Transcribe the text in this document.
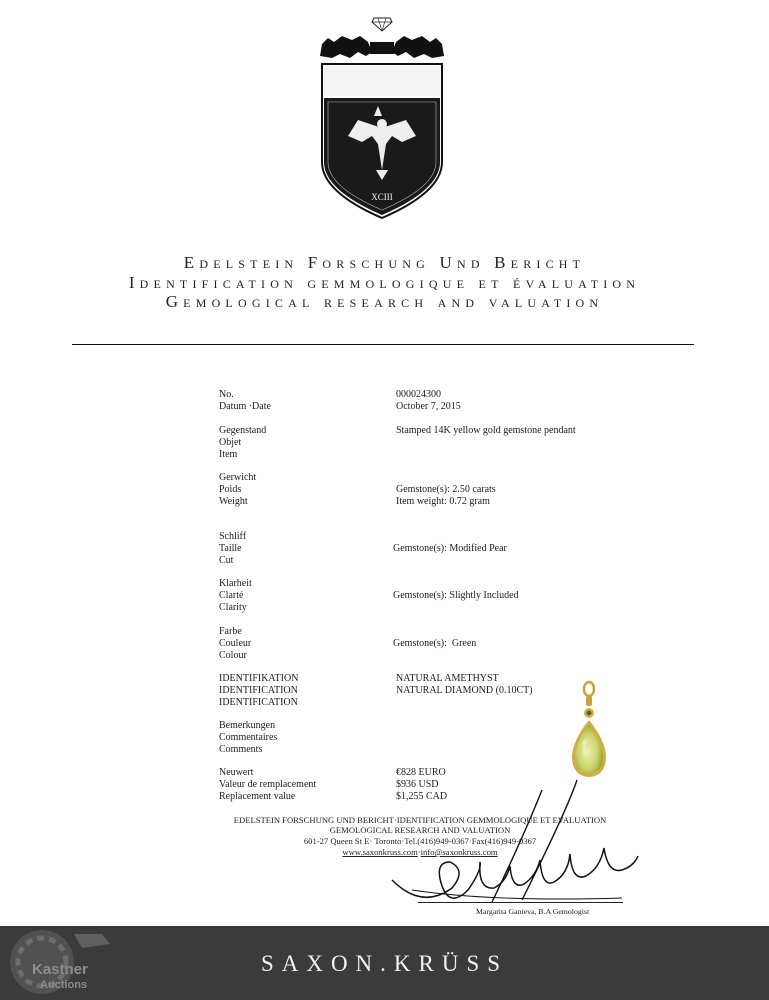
XCIII
Edelstein Forschung Und Bericht
Identification gemmologique et évaluation
Gemological research and valuation
No.	000024300
Datum ·Date	October 7, 2015
Gegenstand
Objet
Item
Stamped 14K yellow gold gemstone pendant
Gerwicht
Poids
Weight
Gemstone(s): 2.50 carats
Item weight: 0.72 gram
Schliff
Taille
Cut
Gemstone(s): Modified Pear
Klarheit
Clarté
Clarity
Gemstone(s): Slightly Included
Farbe
Couleur
Colour
Gemstone(s):  Green
IDENTIFIKATION
IDENTIFICATION
IDENTIFICATION
NATURAL AMETHYST
NATURAL DIAMOND (0.10CT)
Bemerkungen
Commentaires
Comments
Neuwert
Valeur de remplacement
Replacement value
€828 EURO
$936 USD
$1,255 CAD
EDELSTEIN FORSCHUNG UND BERICHT·IDENTIFICATION GEMMOLOGIQUE ET EVALUATION
GEMOLOGICAL RESEARCH AND VALUATION
601-27 Queen St E· Toronto·Tel.(416)949-0367·Fax(416)949-0367
www.saxonkruss.com·info@saxonkruss.com
Margarita Ganieva, B.A Gemologist
SAXON.KRÜSS
Kastner
Auctions
